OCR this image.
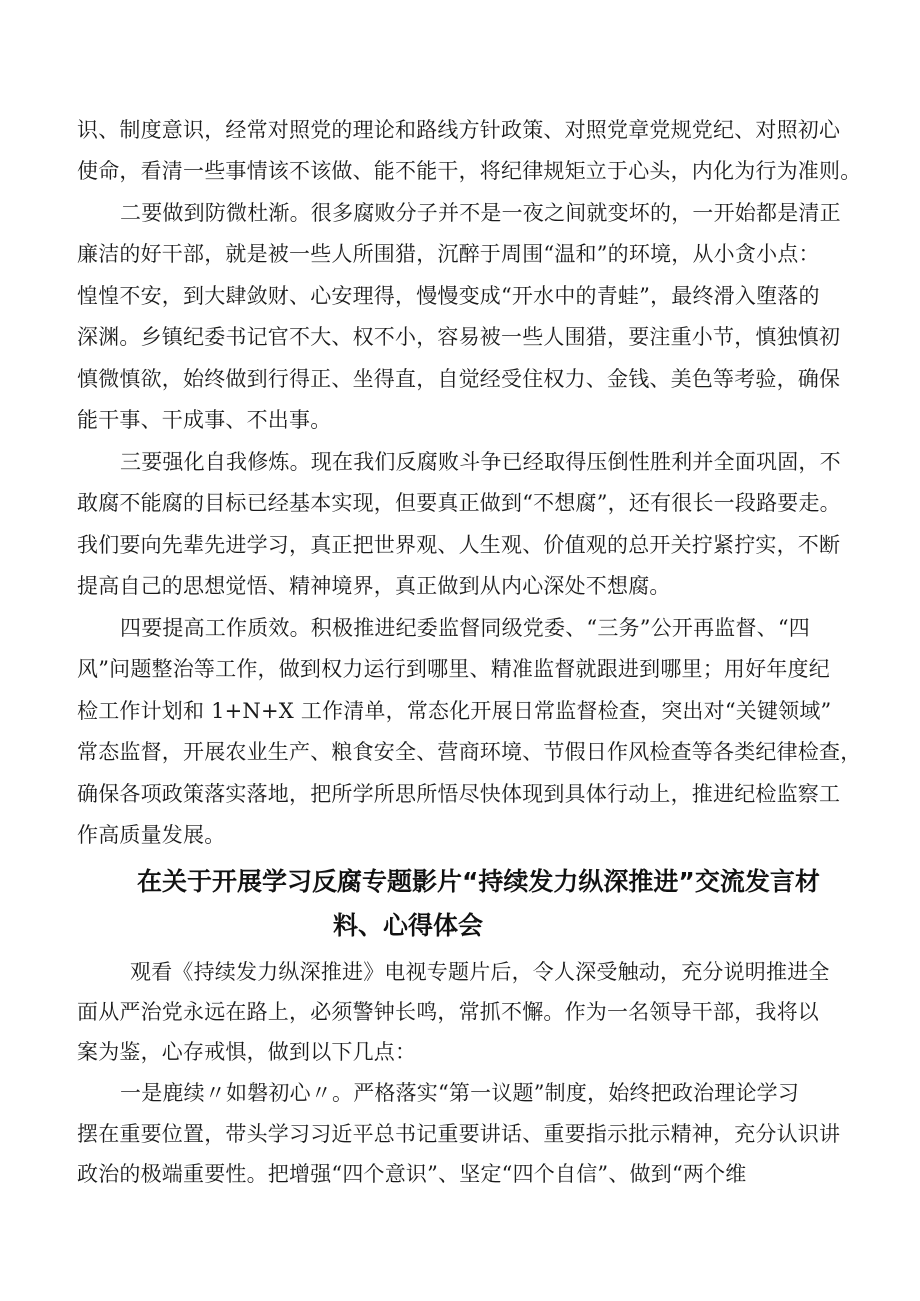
识、制度意识，经常对照党的理论和路线方针政策、对照党章党规党纪、对照初心
使命，看清一些事情该不该做、能不能干，将纪律规矩立于心头，内化为行为准则。
二要做到防微杜渐。很多腐败分子并不是一夜之间就变坏的，一开始都是清正
廉洁的好干部，就是被一些人所围猎，沉醉于周围“温和”的环境，从小贪小点：
惶惶不安，到大肆敛财、心安理得，慢慢变成“开水中的青蛙”，最终滑入堕落的
深渊。乡镇纪委书记官不大、权不小，容易被一些人围猎，要注重小节，慎独慎初
慎微慎欲，始终做到行得正、坐得直，自觉经受住权力、金钱、美色等考验，确保
能干事、干成事、不出事。
三要强化自我修炼。现在我们反腐败斗争已经取得压倒性胜利并全面巩固，不
敢腐不能腐的目标已经基本实现，但要真正做到“不想腐”，还有很长一段路要走。
我们要向先辈先进学习，真正把世界观、人生观、价值观的总开关拧紧拧实，不断
提高自己的思想觉悟、精神境界，真正做到从内心深处不想腐。
四要提高工作质效。积极推进纪委监督同级党委、“三务”公开再监督、“四
风”问题整治等工作，做到权力运行到哪里、精准监督就跟进到哪里；用好年度纪
检工作计划和 1+N+X 工作清单，常态化开展日常监督检查，突出对“关键领域”
常态监督，开展农业生产、粮食安全、营商环境、节假日作风检查等各类纪律检查，
确保各项政策落实落地，把所学所思所悟尽快体现到具体行动上，推进纪检监察工
作高质量发展。
在关于开展学习反腐专题影片“持续发力纵深推进”交流发言材
料、心得体会
观看《持续发力纵深推进》电视专题片后，令人深受触动，充分说明推进全
面从严治党永远在路上，必须警钟长鸣，常抓不懈。作为一名领导干部，我将以
案为鉴，心存戒惧，做到以下几点：
一是鹿续〃如磐初心〃。严格落实“第一议题”制度，始终把政治理论学习
摆在重要位置，带头学习习近平总书记重要讲话、重要指示批示精神，充分认识讲
政治的极端重要性。把增强“四个意识”、坚定“四个自信”、做到“两个维
